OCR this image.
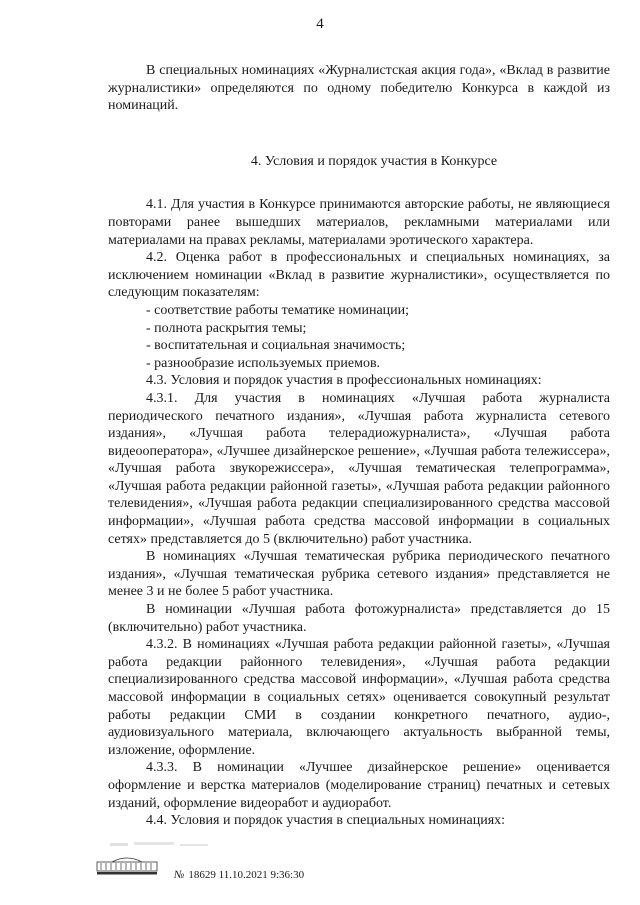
4

В специальных номинациях «Журналистская акция года», «Вклад в развитие журналистики» определяются по одному победителю Конкурса в каждой из номинаций.

4. Условия и порядок участия в Конкурсе

4.1. Для участия в Конкурсе принимаются авторские работы, не являющиеся повторами ранее вышедших материалов, рекламными материалами или материалами на правах рекламы, материалами эротического характера.

4.2. Оценка работ в профессиональных и специальных номинациях, за исключением номинации «Вклад в развитие журналистики», осуществляется по следующим показателям:

- соответствие работы тематике номинации;

- полнота раскрытия темы;

- воспитательная и социальная значимость;

- разнообразие используемых приемов.

4.3. Условия и порядок участия в профессиональных номинациях:

4.3.1. Для участия в номинациях «Лучшая работа журналиста периодического печатного издания», «Лучшая работа журналиста сетевого издания», «Лучшая работа телерадиожурналиста», «Лучшая работа видеооператора», «Лучшее дизайнерское решение», «Лучшая работа тележиссера», «Лучшая работа звукорежиссера», «Лучшая тематическая телепрограмма», «Лучшая работа редакции районной газеты», «Лучшая работа редакции районного телевидения», «Лучшая работа редакции специализированного средства массовой информации», «Лучшая работа средства массовой информации в социальных сетях» представляется до 5 (включительно) работ участника.

В номинациях «Лучшая тематическая рубрика периодического печатного издания», «Лучшая тематическая рубрика сетевого издания» представляется не менее 3 и не более 5 работ участника.

В номинации «Лучшая работа фотожурналиста» представляется до 15 (включительно) работ участника.

4.3.2. В номинациях «Лучшая работа редакции районной газеты», «Лучшая работа редакции районного телевидения», «Лучшая работа редакции специализированного средства массовой информации», «Лучшая работа средства массовой информации в социальных сетях» оценивается совокупный результат работы редакции СМИ в создании конкретного печатного, аудио-, аудиовизуального материала, включающего актуальность выбранной темы, изложение, оформление.

4.3.3. В номинации «Лучшее дизайнерское решение» оценивается оформление и верстка материалов (моделирование страниц) печатных и сетевых изданий, оформление видеоработ и аудиоработ.

4.4. Условия и порядок участия в специальных номинациях:

№ 18629 11.10.2021 9:36:30
